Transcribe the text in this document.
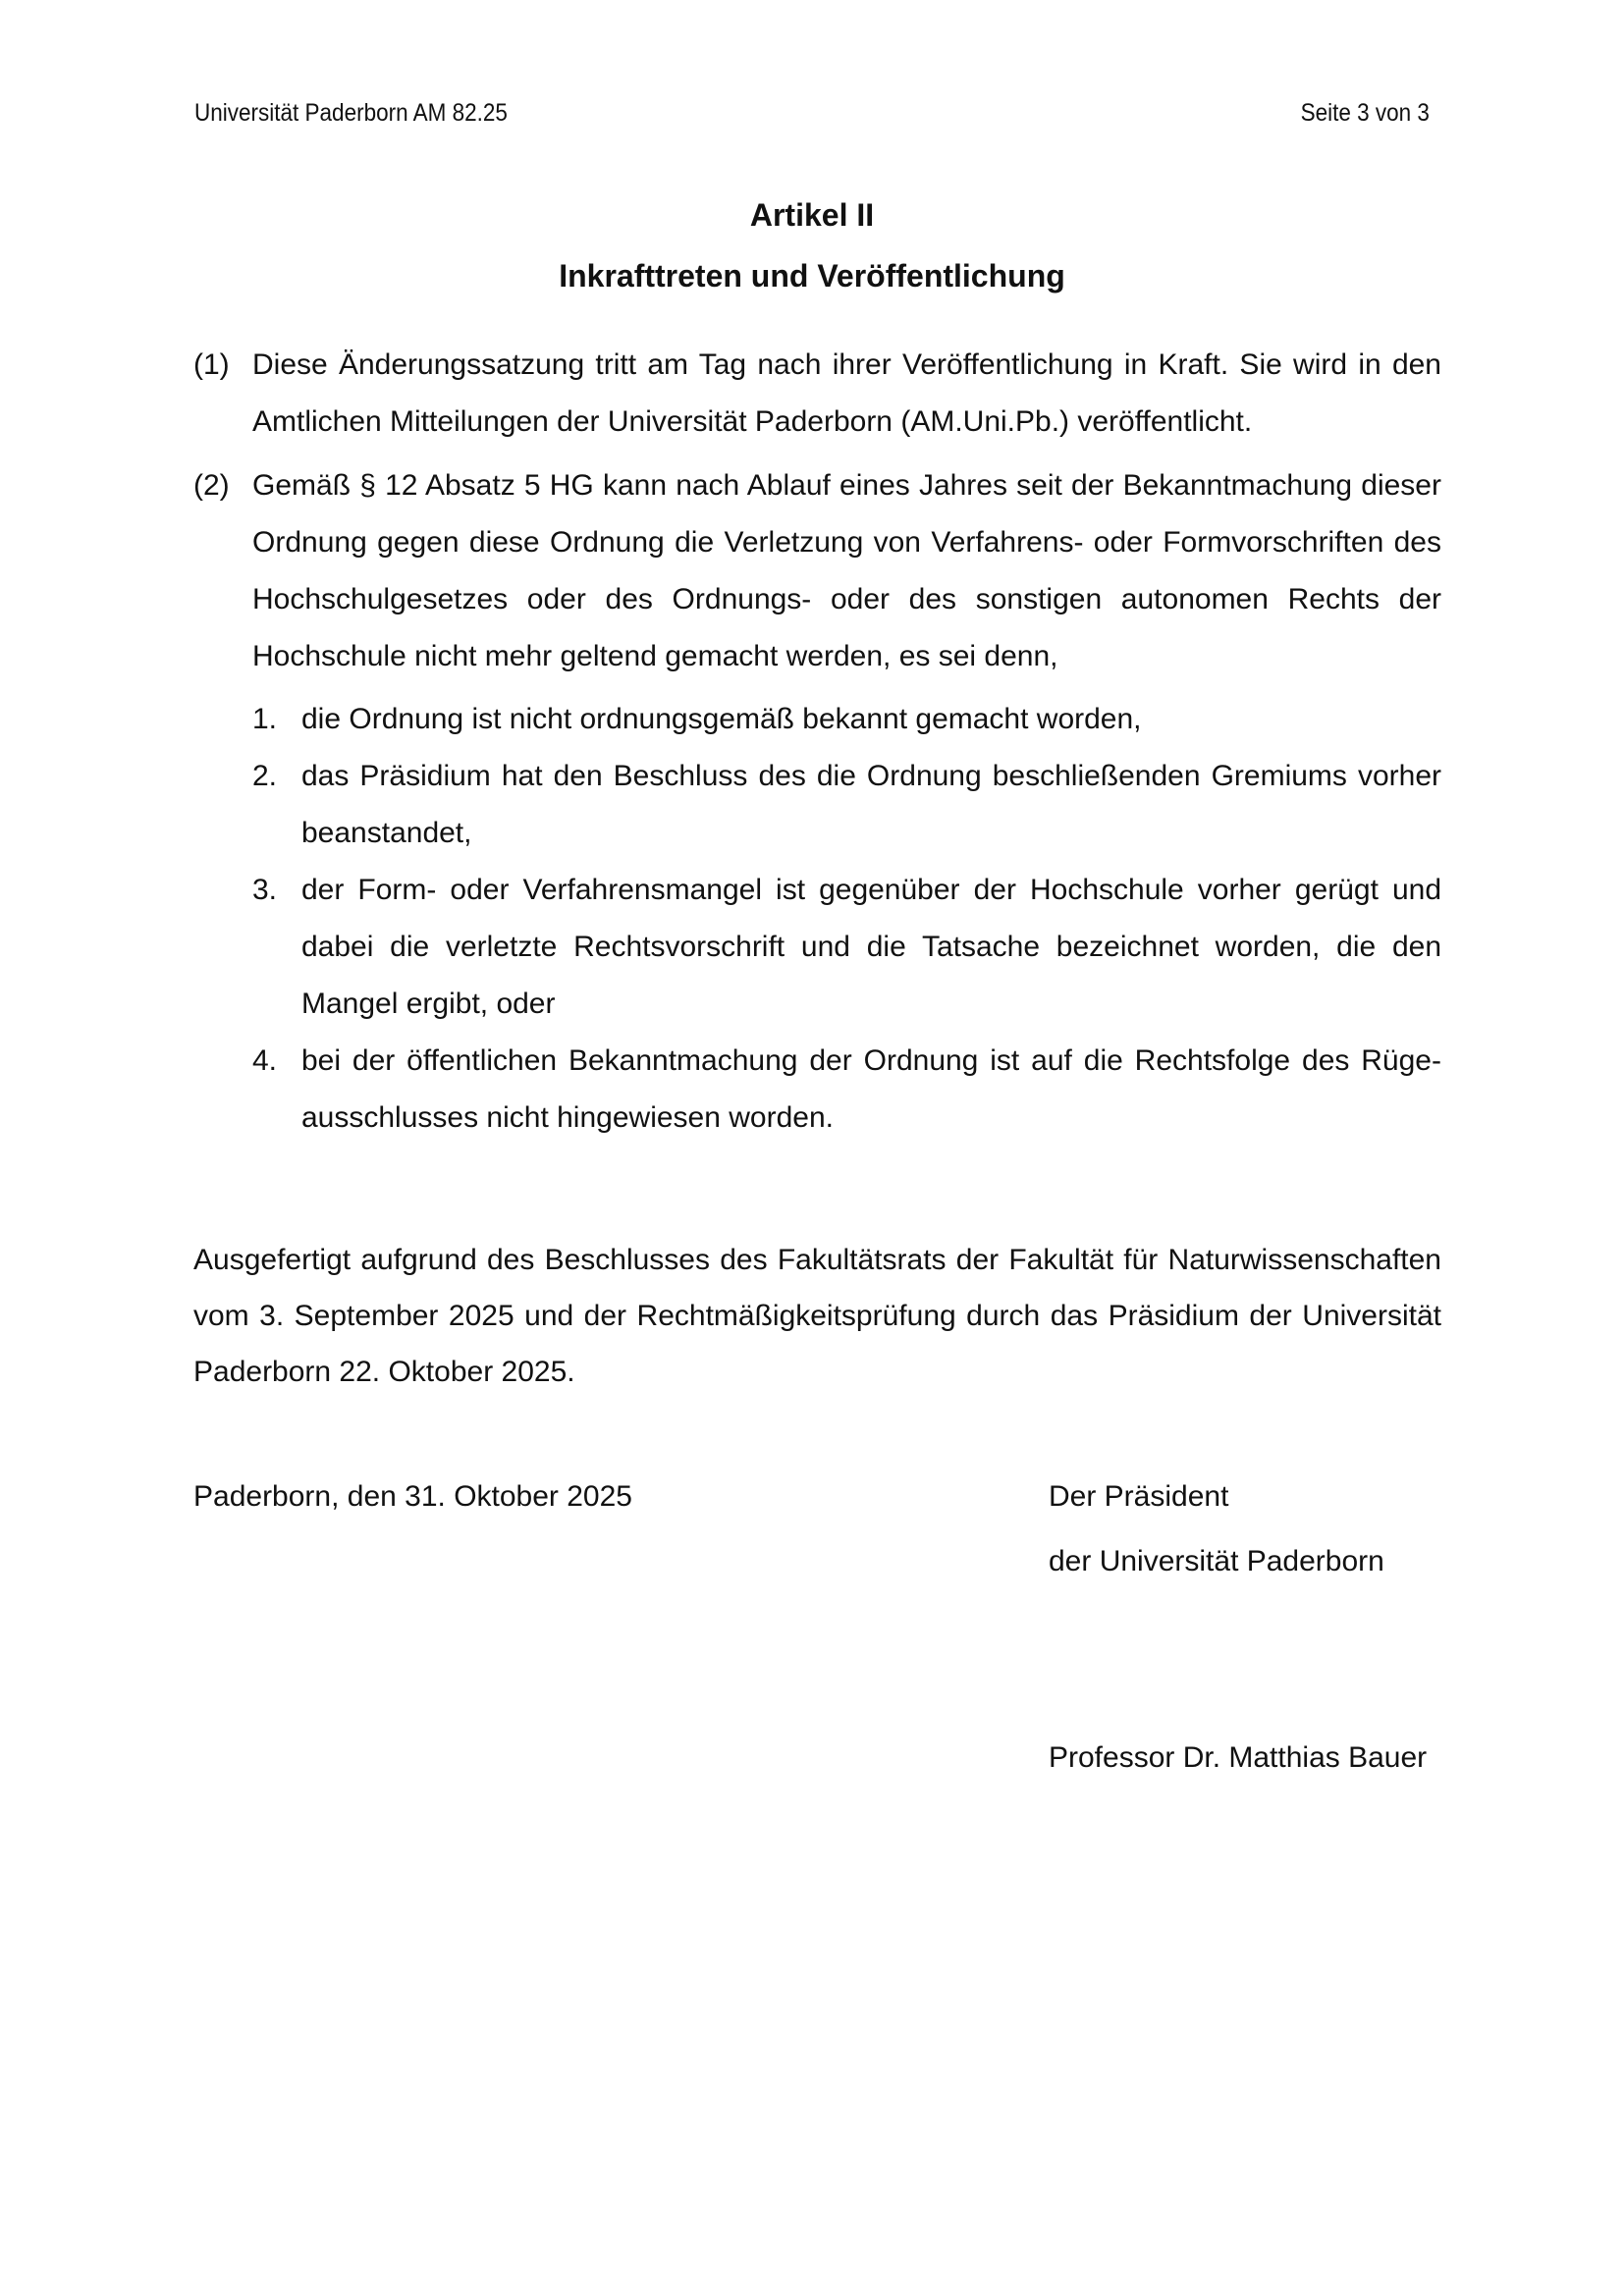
Universität Paderborn AM 82.25	Seite 3 von 3
Artikel II
Inkrafttreten und Veröffentlichung
(1) Diese Änderungssatzung tritt am Tag nach ihrer Veröffentlichung in Kraft. Sie wird in den Amtlichen Mitteilungen der Universität Paderborn (AM.Uni.Pb.) veröffentlicht.
(2) Gemäß § 12 Absatz 5 HG kann nach Ablauf eines Jahres seit der Bekanntmachung dieser Ordnung gegen diese Ordnung die Verletzung von Verfahrens- oder Formvorschriften des Hochschulgesetzes oder des Ordnungs- oder des sonstigen autonomen Rechts der Hochschule nicht mehr geltend gemacht werden, es sei denn,
1. die Ordnung ist nicht ordnungsgemäß bekannt gemacht worden,
2. das Präsidium hat den Beschluss des die Ordnung beschließenden Gremiums vorher beanstandet,
3. der Form- oder Verfahrensmangel ist gegenüber der Hochschule vorher gerügt und dabei die verletzte Rechtsvorschrift und die Tatsache bezeichnet worden, die den Mangel ergibt, oder
4. bei der öffentlichen Bekanntmachung der Ordnung ist auf die Rechtsfolge des Rügeausschlusses nicht hingewiesen worden.
Ausgefertigt aufgrund des Beschlusses des Fakultätsrats der Fakultät für Naturwissenschaften vom 3. September 2025 und der Rechtmäßigkeitsprüfung durch das Präsidium der Universität Paderborn 22. Oktober 2025.
Paderborn, den 31. Oktober 2025	Der Präsident
der Universität Paderborn
Professor Dr. Matthias Bauer
